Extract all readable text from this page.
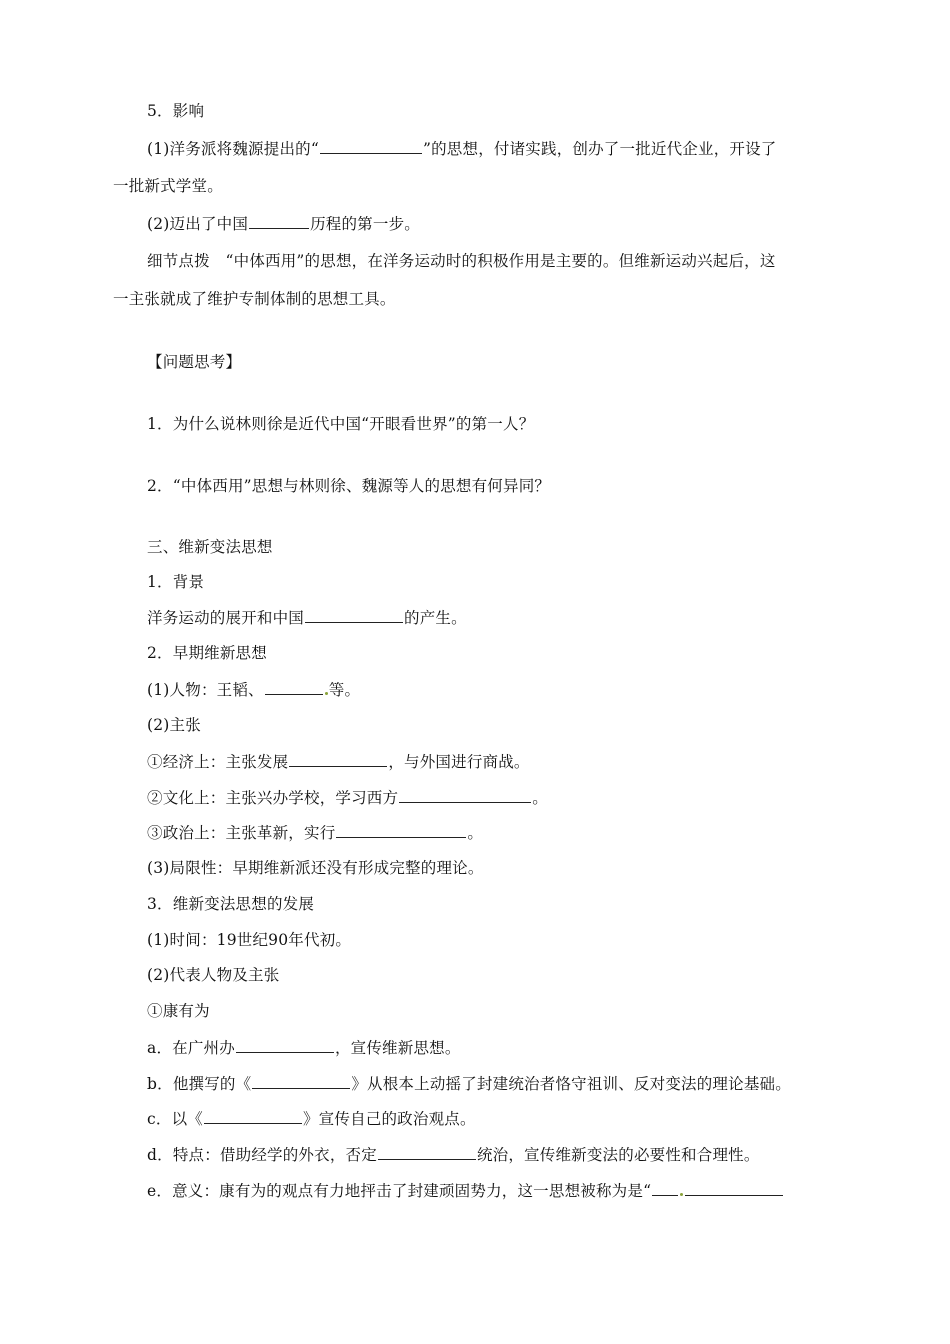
5．影响
(1)洋务派将魏源提出的“	”的思想，付诸实践，创办了一批近代企业，开设了
一批新式学堂。
(2)迈出了中国	历程的第一步。
细节点拨　“中体西用”的思想，在洋务运动时的积极作用是主要的。但维新运动兴起后，这
一主张就成了维护专制体制的思想工具。
【问题思考】
1．为什么说林则徐是近代中国“开眼看世界”的第一人？
2．“中体西用”思想与林则徐、魏源等人的思想有何异同？
三、维新变法思想
1．背景
洋务运动的展开和中国	的产生。
2．早期维新思想
(1)人物：王韬、	等。
(2)主张
①经济上：主张发展	，与外国进行商战。
②文化上：主张兴办学校，学习西方	。
③政治上：主张革新，实行	。
(3)局限性：早期维新派还没有形成完整的理论。
3．维新变法思想的发展
(1)时间：19世纪90年代初。
(2)代表人物及主张
①康有为
a．在广州办	，宣传维新思想。
b．他撰写的《	》从根本上动摇了封建统治者恪守祖训、反对变法的理论基础。
c．以《	》宣传自己的政治观点。
d．特点：借助经学的外衣，否定	统治，宣传维新变法的必要性和合理性。
e．意义：康有为的观点有力地抨击了封建顽固势力，这一思想被称为是“
